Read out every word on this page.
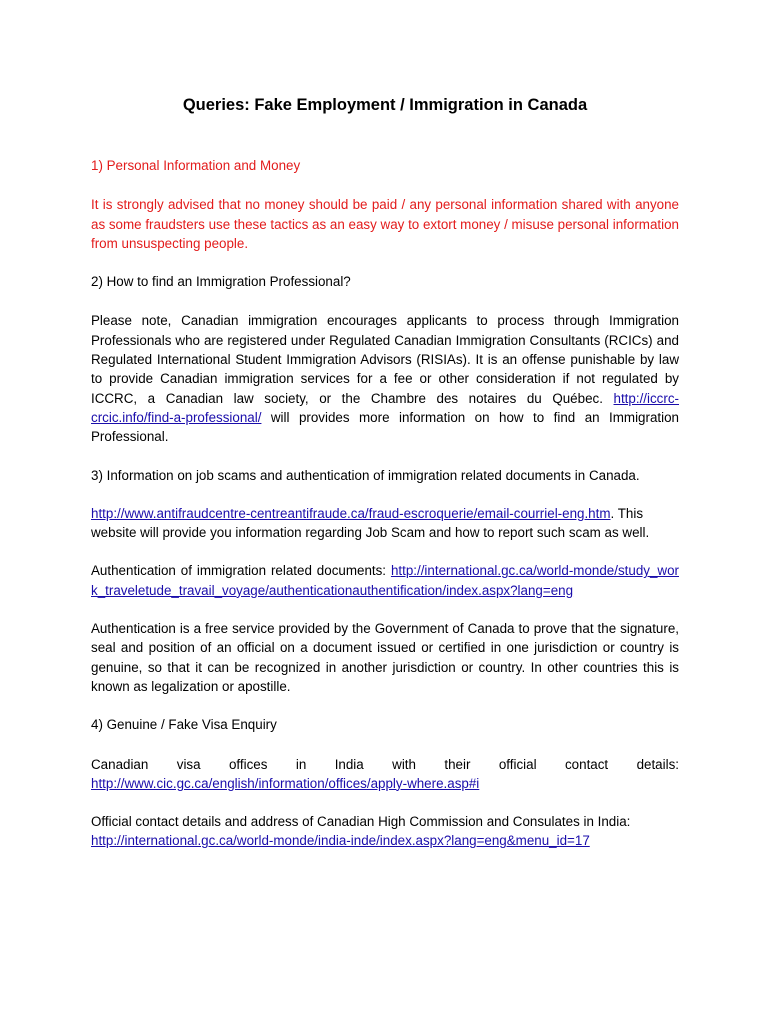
Queries: Fake Employment / Immigration in Canada

1) Personal Information and Money

It is strongly advised that no money should be paid / any personal information shared with anyone as some fraudsters use these tactics as an easy way to extort money / misuse personal information from unsuspecting people.

2) How to find an Immigration Professional?

Please note, Canadian immigration encourages applicants to process through Immigration Professionals who are registered under Regulated Canadian Immigration Consultants (RCICs) and Regulated International Student Immigration Advisors (RISIAs). It is an offense punishable by law to provide Canadian immigration services for a fee or other consideration if not regulated by ICCRC, a Canadian law society, or the Chambre des notaires du Québec. http://iccrc-crcic.info/find-a-professional/ will provides more information on how to find an Immigration Professional.

3) Information on job scams and authentication of immigration related documents in Canada.

http://www.antifraudcentre-centreantifraude.ca/fraud-escroquerie/email-courriel-eng.htm. This website will provide you information regarding Job Scam and how to report such scam as well.

Authentication of immigration related documents: http://international.gc.ca/world-monde/study_work_traveletude_travail_voyage/authenticationauthentification/index.aspx?lang=eng

Authentication is a free service provided by the Government of Canada to prove that the signature, seal and position of an official on a document issued or certified in one jurisdiction or country is genuine, so that it can be recognized in another jurisdiction or country. In other countries this is known as legalization or apostille.

4) Genuine / Fake Visa Enquiry

Canadian visa offices in India with their official contact details:
http://www.cic.gc.ca/english/information/offices/apply-where.asp#i

Official contact details and address of Canadian High Commission and Consulates in India: http://international.gc.ca/world-monde/india-inde/index.aspx?lang=eng&menu_id=17
